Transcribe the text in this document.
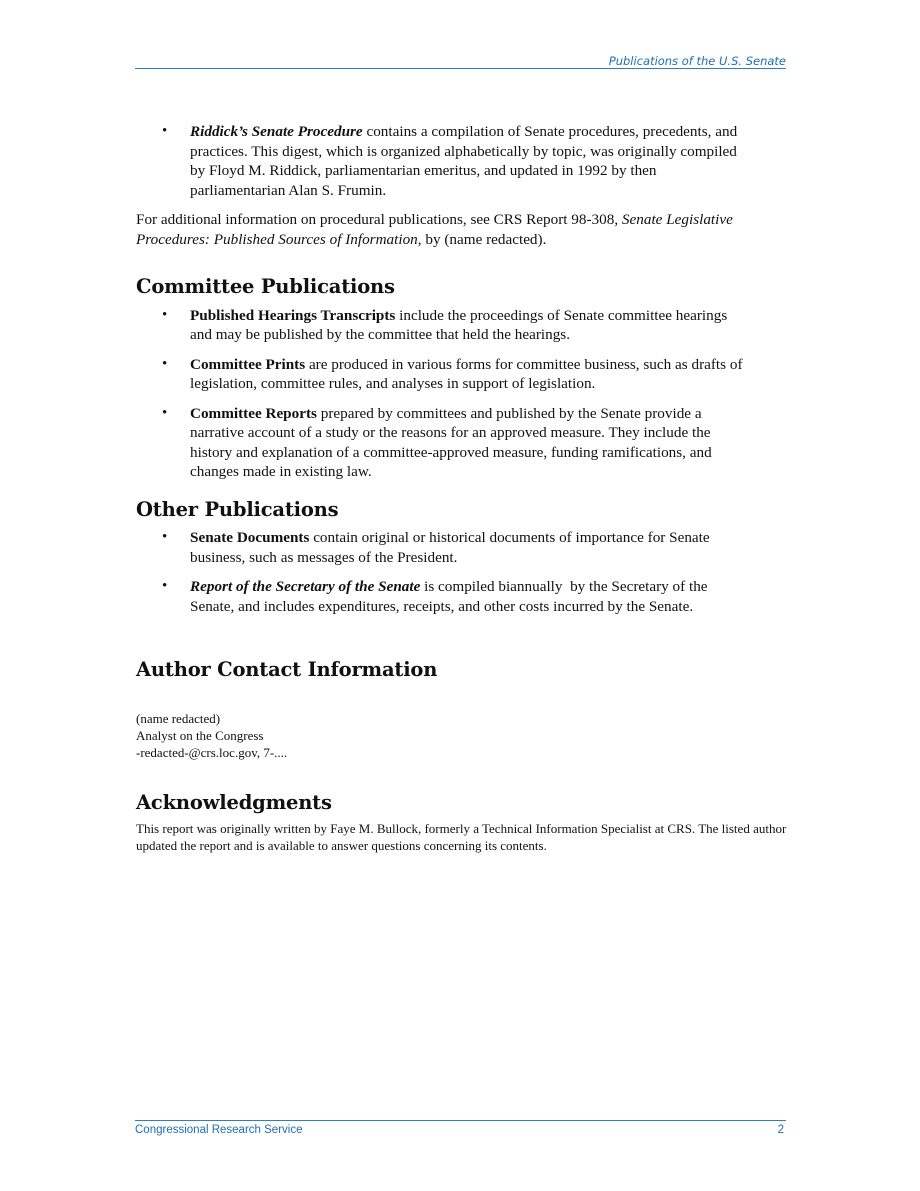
Publications of the U.S. Senate
• Riddick’s Senate Procedure contains a compilation of Senate procedures, precedents, and practices. This digest, which is organized alphabetically by topic, was originally compiled by Floyd M. Riddick, parliamentarian emeritus, and updated in 1992 by then parliamentarian Alan S. Frumin.

For additional information on procedural publications, see CRS Report 98-308, Senate Legislative Procedures: Published Sources of Information, by (name redacted).

Committee Publications
• Published Hearings Transcripts include the proceedings of Senate committee hearings and may be published by the committee that held the hearings.
• Committee Prints are produced in various forms for committee business, such as drafts of legislation, committee rules, and analyses in support of legislation.
• Committee Reports prepared by committees and published by the Senate provide a narrative account of a study or the reasons for an approved measure. They include the history and explanation of a committee-approved measure, funding ramifications, and changes made in existing law.
Other Publications
• Senate Documents contain original or historical documents of importance for Senate business, such as messages of the President.
• Report of the Secretary of the Senate is compiled biannually  by the Secretary of the Senate, and includes expenditures, receipts, and other costs incurred by the Senate.
Author Contact Information
(name redacted)
Analyst on the Congress
-redacted-@crs.loc.gov, 7-....
Acknowledgments

This report was originally written by Faye M. Bullock, formerly a Technical Information Specialist at CRS. The listed author updated the report and is available to answer questions concerning its contents.

Congressional Research Service	2
